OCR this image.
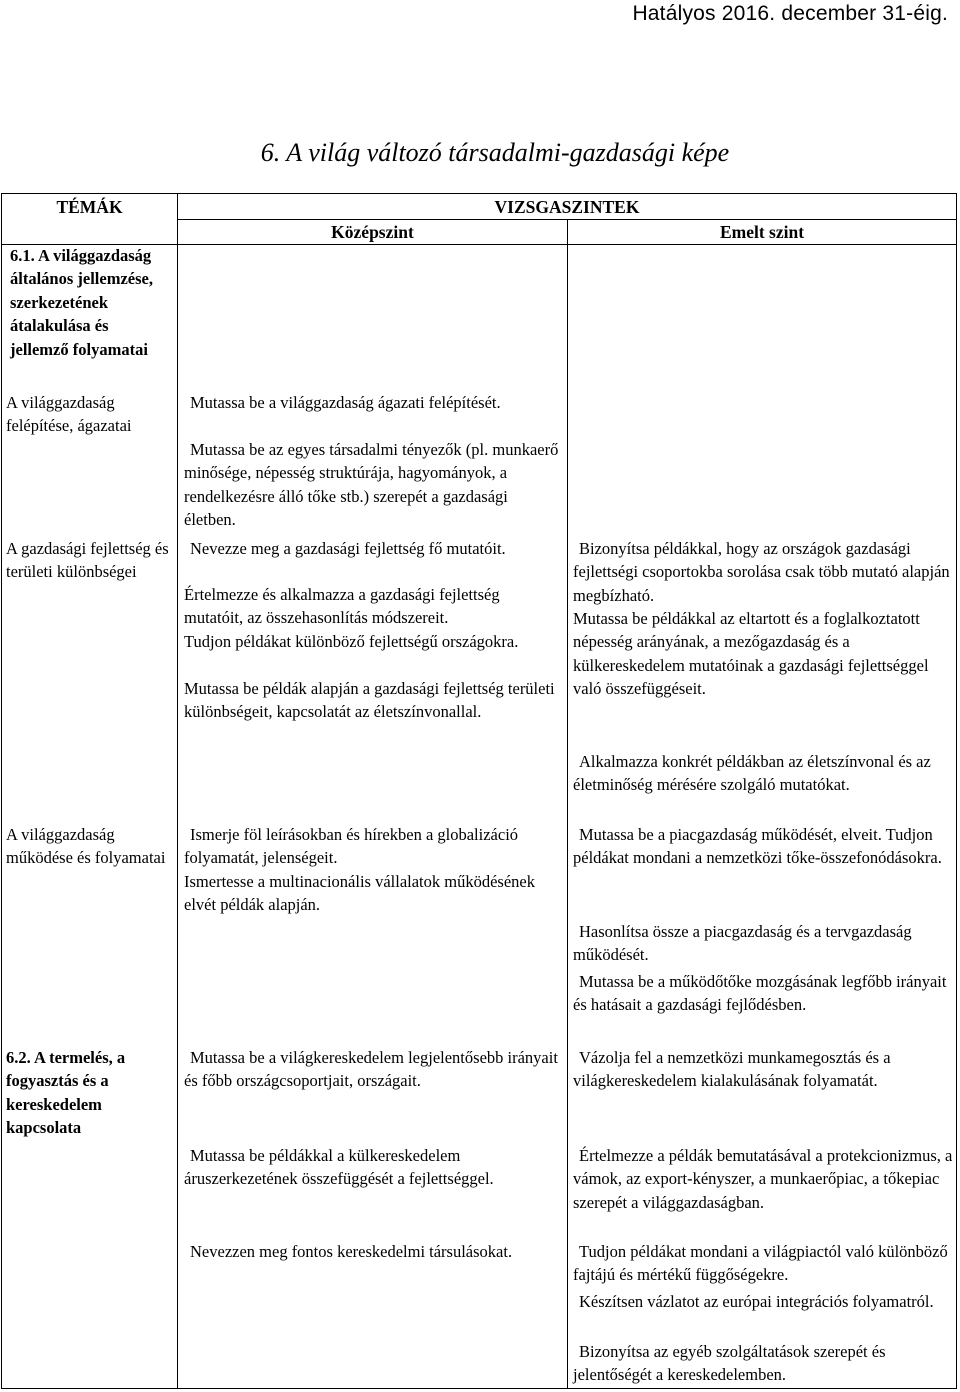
Hatályos 2016. december 31-éig.
6. A világ változó társadalmi-gazdasági képe
TÉMÁK	VIZSGASZINTEK
Középszint	Emelt szint
6.1. A világgazdaság általános jellemzése, szerkezetének átalakulása és jellemző folyamatai
A világgazdaság felépítése, ágazatai
A gazdasági fejlettség és területi különbségei
A világgazdaság működése és folyamatai
6.2. A termelés, a fogyasztás és a kereskedelem kapcsolata
Mutassa be a világgazdaság ágazati felépítését.
Mutassa be az egyes társadalmi tényezők (pl. munkaerő minősége, népesség struktúrája, hagyományok, a rendelkezésre álló tőke stb.) szerepét a gazdasági életben.
Nevezze meg a gazdasági fejlettség fő mutatóit.
Értelmezze és alkalmazza a gazdasági fejlettség mutatóit, az összehasonlítás módszereit.
Tudjon példákat különböző fejlettségű országokra.
Mutassa be példák alapján a gazdasági fejlettség területi különbségeit, kapcsolatát az életszínvonallal.
Ismerje föl leírásokban és hírekben a globalizáció folyamatát, jelenségeit.
Ismertesse a multinacionális vállalatok működésének elvét példák alapján.
Mutassa be a világkereskedelem legjelentősebb irányait és főbb országcsoportjait, országait.
Mutassa be példákkal a külkereskedelem áruszerkezetének összefüggését a fejlettséggel.
Nevezzen meg fontos kereskedelmi társulásokat.
Bizonyítsa példákkal, hogy az országok gazdasági fejlettségi csoportokba sorolása csak több mutató alapján megbízható.
Mutassa be példákkal az eltartott és a foglalkoztatott népesség arányának, a mezőgazdaság és a külkereskedelem mutatóinak a gazdasági fejlettséggel való összefüggéseit.
Alkalmazza konkrét példákban az életszínvonal és az életminőség mérésére szolgáló mutatókat.
Mutassa be a piacgazdaság működését, elveit. Tudjon példákat mondani a nemzetközi tőke-összefonódásokra.
Hasonlítsa össze a piacgazdaság és a tervgazdaság működését.
Mutassa be a működőtőke mozgásának legfőbb irányait és hatásait a gazdasági fejlődésben.
Vázolja fel a nemzetközi munkamegosztás és a világkereskedelem kialakulásának folyamatát.
Értelmezze a példák bemutatásával a protekcionizmus, a vámok, az export-kényszer, a munkaerőpiac, a tőkepiac szerepét a világgazdaságban.
Tudjon példákat mondani a világpiactól való különböző fajtájú és mértékű függőségekre.
Készítsen vázlatot az európai integrációs folyamatról.
Bizonyítsa az egyéb szolgáltatások szerepét és jelentőségét a kereskedelemben.
